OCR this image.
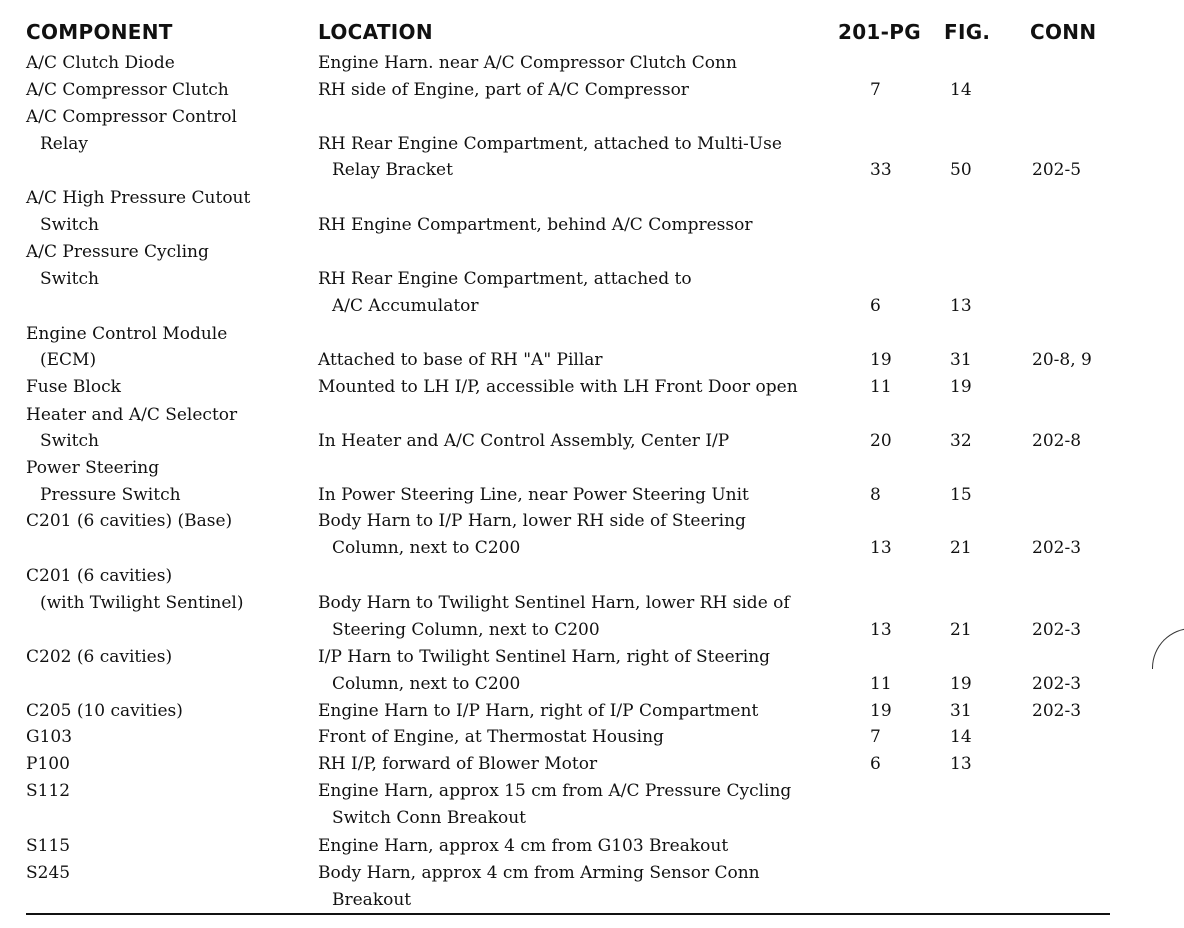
COMPONENT	LOCATION	201-PG FIG. CONN
A/C Clutch Diode	Engine Harn. near A/C Compressor Clutch Conn
A/C Compressor Clutch	RH side of Engine, part of A/C Compressor	7	14
A/C Compressor Control
Relay	RH Rear Engine Compartment, attached to Multi-Use
Relay Bracket	33	50	202-5
A/C High Pressure Cutout
Switch	RH Engine Compartment, behind A/C Compressor
A/C Pressure Cycling
Switch	RH Rear Engine Compartment, attached to
A/C Accumulator	6	13
Engine Control Module
(ECM)	Attached to base of RH "A" Pillar	19	31	20-8, 9
Fuse Block	Mounted to LH I/P, accessible with LH Front Door open	11	19
Heater and A/C Selector
Switch	In Heater and A/C Control Assembly, Center I/P	20	32	202-8
Power Steering
Pressure Switch	In Power Steering Line, near Power Steering Unit	8	15
C201 (6 cavities) (Base)	Body Harn to I/P Harn, lower RH side of Steering
Column, next to C200	13	21	202-3
C201 (6 cavities)
(with Twilight Sentinel)	Body Harn to Twilight Sentinel Harn, lower RH side of
Steering Column, next to C200	13	21	202-3
C202 (6 cavities)	I/P Harn to Twilight Sentinel Harn, right of Steering
Column, next to C200	11	19	202-3
C205 (10 cavities)	Engine Harn to I/P Harn, right of I/P Compartment	19	31	202-3
G103	Front of Engine, at Thermostat Housing	7	14
P100	RH I/P, forward of Blower Motor	6	13
S112	Engine Harn, approx 15 cm from A/C Pressure Cycling
Switch Conn Breakout
S115	Engine Harn, approx 4 cm from G103 Breakout
S245	Body Harn, approx 4 cm from Arming Sensor Conn
Breakout
